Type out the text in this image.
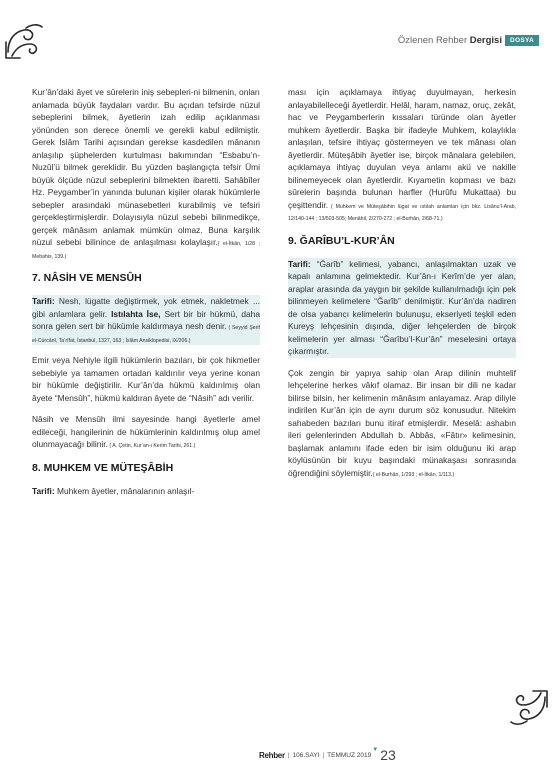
Özlenen Rehber Dergisi	DOSYA

Kur’ân’daki âyet ve sûrelerin iniş sebepleri-ni bilmenin, onları anlamada büyük faydaları vardır. Bu açıdan tefsirde nüzul sebeplerini bilmek, âyetlerin izah edilip açıklanması yönünden son derece önemli ve gerekli kabul edilmiştir. Gerek İslâm Tarihi açısından gerekse kasdedilen mânanın anlaşılıp şüphelerden kurtulması bakımından “Esbabu’n-Nuzûl’ü bilmek gereklidir. Bu yüzden başlangıçta tefsir Ümi büyük ölçüde nüzul sebeplerini bilmekten ibaretti. Sahâbîler Hz. Peygamber’in yanında bulunan kişiler olarak hükümlerle sebepler arasındaki münasebetleri kurabilmiş ve tefsiri gerçekleştirmişlerdir. Dolayısıyla nüzul sebebi bilinmedikçe, gerçek mânâsım anlamak mümkün olmaz. Buna karşılık nüzul sebebi bilinince de anlaşılması kolaylaşır.( el-İtkân, 1/28 ; Mebahis, 139.)

7. NÂSİH VE MENSÛH

Tarifi: Nesh, lügatte değiştirmek, yok etmek, nakletmek ... gibi anlamlara gelir. Istılahta İse, Sert bir bir hükmü, daha sonra gelen sert bir hükümle kaldırmaya nesh denir. ( Seyyid Şerif el-Cürcânî, Ta’rîfat, İstanbul, 1327, 163 ; İslâm Ansiklopedisi, IX/206.)

Emir veya Nehiyle ilgili hükümlerin bazıları, bir çok hikmetler sebebiyle ya tamamen ortadan kaldırılır veya yerine konan bir hükümle değiştirilir. Kur’ân’da hükmü kaldırılmış olan âyete “Mensûh”, hükmü kaldıran âyete de “Nâsih” adı verilir.

Nâsih ve Mensûh ilmi sayesinde hangi âyetlerle amel edileceği, hangilerinin de hükümlerinin kaldırılmış olup amel olunmayacağı bilinir. ( A. Çetin, Kur’an-ı Kerim Tarihi, 261.)

8. MUHKEM VE MÜTEŞÂBİH

Tarifi: Muhkem âyetler, mânalarının anlaşıl-

ması için açıklamaya ihtiyaç duyulmayan, herkesin anlayabilelleceği âyetlerdir. Helâl, haram, namaz, oruç, zekât, hac ve Peygamberlerin kıssaları türünde olan âyetler muhkem âyetlerdir. Başka bir ifadeyle Muhkem, kolaylıkla anlaşılan, tefsire ihtiyaç göstermeyen ve tek mânası olan âyetlerdir. Müteşâbih âyetler ise, birçok mânalara gelebilen, açıklamaya ihtiyaç duyulan veya anlamı akü ve nakille bilinemeyecek olan âyetlerdir. Kıyametin kopması ve bazı sûrelerin başında bulunan harfler (Hurûfu Mukattaa) bu çeşittendir. ( Muhkem ve Müteşâbihin lügat ve ıstılah anlamları için bkz. Lisânu’l-Arab, 12/140-144 ; 13/503-505; Menâhil, 2/270-272 ; el-Burhân, 2/68-71.)

9. ĞARÎBU’L-KUR’ÂN

Tarifi: “Ğarîb” kelimesi, yabancı, anlaşılmaktan uzak ve kapalı anlamına gelmektedir. Kur’ân-ı Kerîm’de yer alan, araplar arasında da yaygın bir şekilde kullanılmadığı için pek bilinmeyen kelimelere “Ğarîb” denilmiştir. Kur’ân’da nadiren de olsa yabancı kelimelerin bulunuşu, ekseriyeti teşkil eden Kureyş lehçesinin dışında, diğer lehçelerden de birçok kelimelerin yer alması “Ğarîbu’l-Kur’ân” meselesini ortaya çıkarmıştır.

Çok zengin bir yapıya sahip olan Arap dilinin muhtelif lehçelerine herkes vâkıf olamaz. Bir insan bir dili ne kadar bilirse bilsin, her kelimenin mânâsım anlayamaz. Arap diliyle indirilen Kur’ân için de aynı durum söz konusudur. Nitekim sahabeden bazıları bunu itiraf etmişlerdir. Meselâ: ashabın ileri gelenlerinden Abdullah b. Abbâs, «Fâtır» kelimesinin, başlamak anlamını ifade eden bir isim olduğunu iki arap köylüsünün bir kuyu başındaki münakaşası sonrasında öğrendiğini söylemiştir.( el-Burhân, 1/293 ; el-İtkân, 1/113.)

Rehber | 106.SAYI | TEMMUZ 2019
▼ 23
